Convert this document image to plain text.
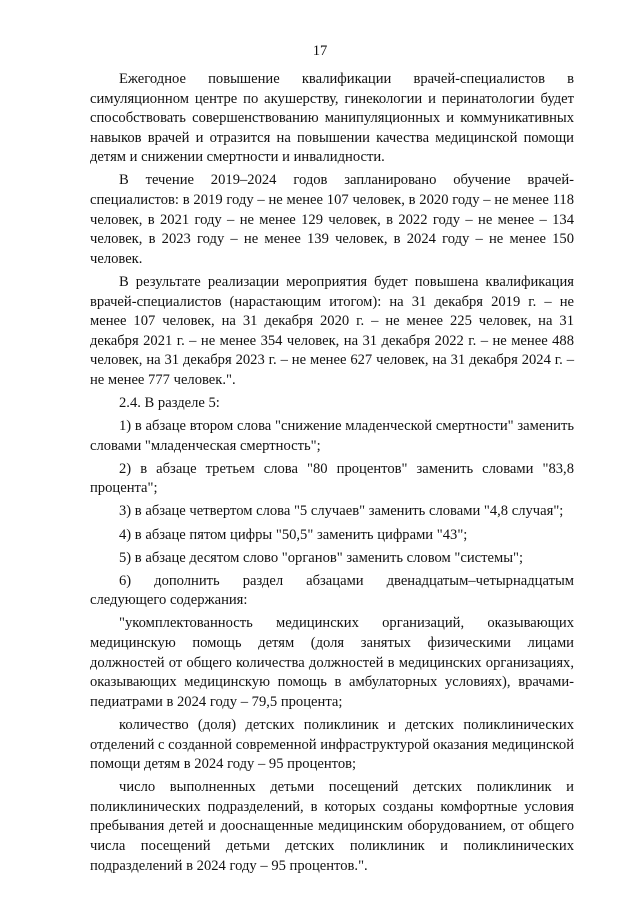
17

Ежегодное повышение квалификации врачей-специалистов в симуляционном центре по акушерству, гинекологии и перинатологии будет способствовать совершенствованию манипуляционных и коммуникативных навыков врачей и отразится на повышении качества медицинской помощи детям и снижении смертности и инвалидности.

В течение 2019–2024 годов запланировано обучение врачей-специалистов: в 2019 году – не менее 107 человек, в 2020 году – не менее 118 человек, в 2021 году – не менее 129 человек, в 2022 году – не менее – 134 человек, в 2023 году – не менее 139 человек, в 2024 году – не менее 150 человек.

В результате реализации мероприятия будет повышена квалификация врачей-специалистов (нарастающим итогом): на 31 декабря 2019 г. – не менее 107 человек, на 31 декабря 2020 г. – не менее 225 человек, на 31 декабря 2021 г. – не менее 354 человек, на 31 декабря 2022 г. – не менее 488 человек, на 31 декабря 2023 г. – не менее 627 человек, на 31 декабря 2024 г. – не менее 777 человек.".

2.4. В разделе 5:

1) в абзаце втором слова "снижение младенческой смертности" заменить словами "младенческая смертность";

2) в абзаце третьем слова "80 процентов" заменить словами "83,8 процента";

3) в абзаце четвертом слова "5 случаев" заменить словами "4,8 случая";

4) в абзаце пятом цифры "50,5" заменить цифрами "43";

5) в абзаце десятом слово "органов" заменить словом "системы";

6) дополнить раздел абзацами двенадцатым–четырнадцатым следующего содержания:

"укомплектованность медицинских организаций, оказывающих медицинскую помощь детям (доля занятых физическими лицами должностей от общего количества должностей в медицинских организациях, оказывающих медицинскую помощь в амбулаторных условиях), врачами-педиатрами в 2024 году – 79,5 процента;

количество (доля) детских поликлиник и детских поликлинических отделений с созданной современной инфраструктурой оказания медицинской помощи детям в 2024 году – 95 процентов;

число выполненных детьми посещений детских поликлиник и поликлинических подразделений, в которых созданы комфортные условия пребывания детей и дооснащенные медицинским оборудованием, от общего числа посещений детьми детских поликлиник и поликлинических подразделений в 2024 году – 95 процентов.".
